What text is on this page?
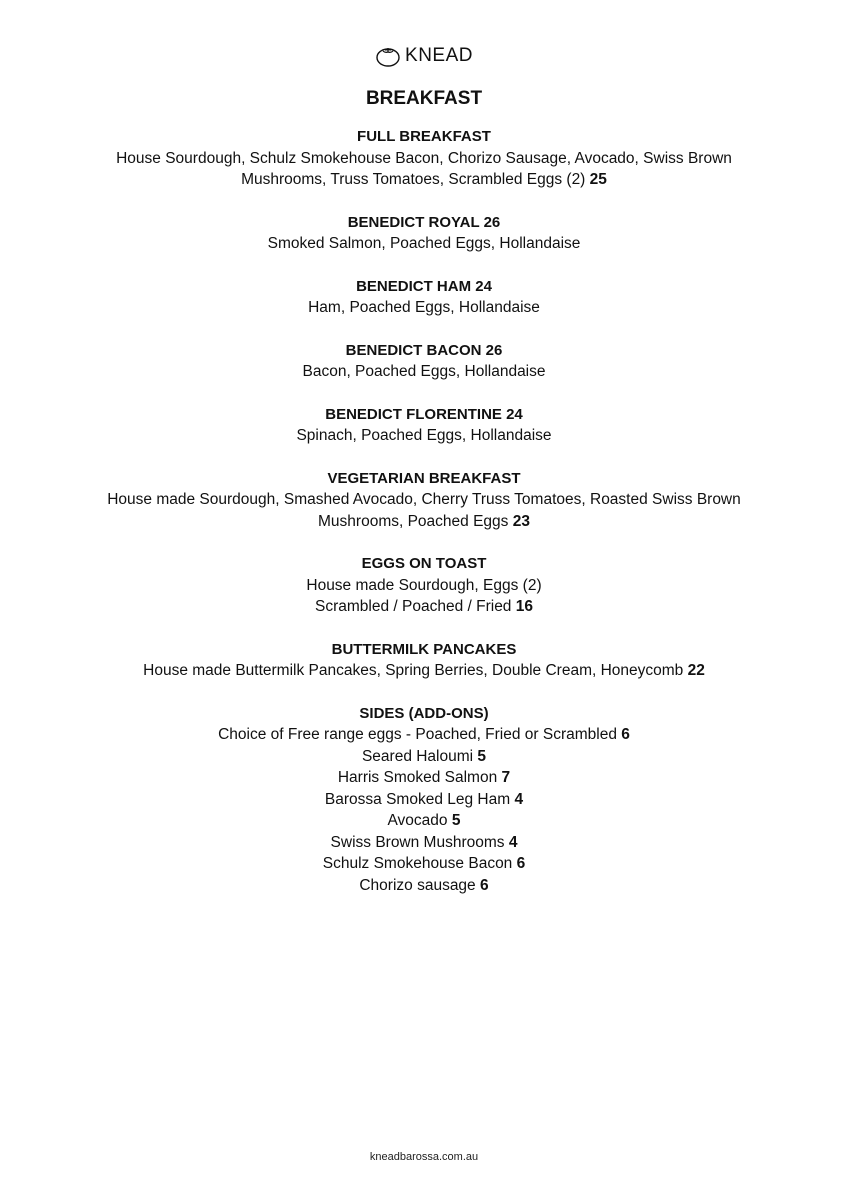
KNEAD
BREAKFAST

FULL BREAKFAST

House Sourdough, Schulz Smokehouse Bacon, Chorizo Sausage, Avocado, Swiss Brown

Mushrooms, Truss Tomatoes, Scrambled Eggs (2) 25

BENEDICT ROYAL 26

Smoked Salmon, Poached Eggs, Hollandaise

BENEDICT HAM 24

Ham, Poached Eggs, Hollandaise

BENEDICT BACON 26

Bacon, Poached Eggs, Hollandaise

BENEDICT FLORENTINE 24

Spinach, Poached Eggs, Hollandaise

VEGETARIAN BREAKFAST

House made Sourdough, Smashed Avocado, Cherry Truss Tomatoes, Roasted Swiss Brown

Mushrooms, Poached Eggs 23

EGGS ON TOAST

House made Sourdough, Eggs (2)

Scrambled / Poached / Fried 16

BUTTERMILK PANCAKES

House made Buttermilk Pancakes, Spring Berries, Double Cream, Honeycomb 22

SIDES (ADD-ONS)

Choice of Free range eggs - Poached, Fried or Scrambled 6

Seared Haloumi 5

Harris Smoked Salmon 7

Barossa Smoked Leg Ham 4

Avocado 5

Swiss Brown Mushrooms 4

Schulz Smokehouse Bacon 6

Chorizo sausage 6

kneadbarossa.com.au
